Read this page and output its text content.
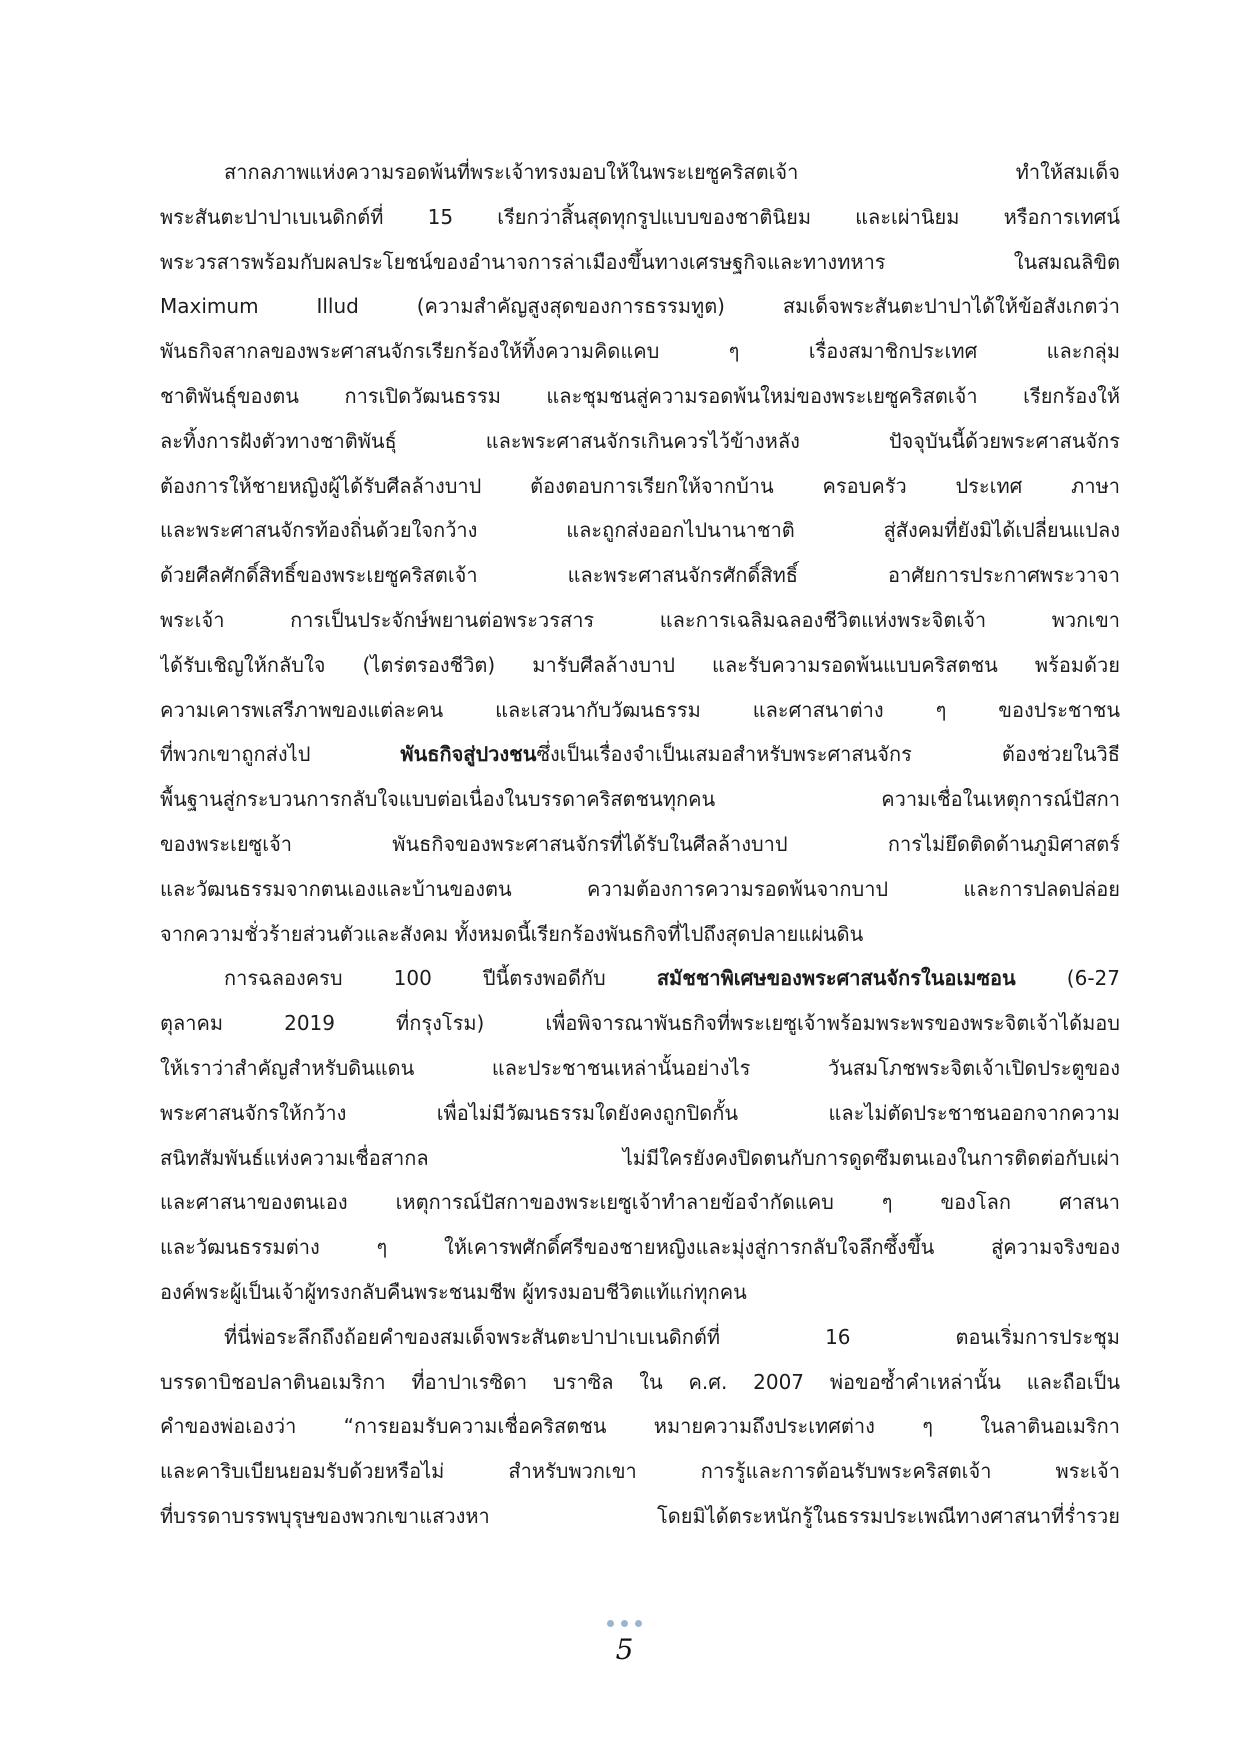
สากลภาพแห่งความรอดพ้นที่พระเจ้าทรงมอบให้ในพระเยซูคริสตเจ้า ทำให้สมเด็จ
พระสันตะปาปาเบเนดิกต์ที่ 15 เรียกว่าสิ้นสุดทุกรูปแบบของชาตินิยม และเผ่านิยม หรือการเทศน์
พระวรสารพร้อมกับผลประโยชน์ของอำนาจการล่าเมืองขึ้นทางเศรษฐกิจและทางทหาร ในสมณลิขิต
Maximum Illud (ความสำคัญสูงสุดของการธรรมทูต) สมเด็จพระสันตะปาปาได้ให้ข้อสังเกตว่า
พันธกิจสากลของพระศาสนจักรเรียกร้องให้ทิ้งความคิดแคบ ๆ เรื่องสมาชิกประเทศ และกลุ่ม
ชาติพันธุ์ของตน การเปิดวัฒนธรรม และชุมชนสู่ความรอดพ้นใหม่ของพระเยซูคริสตเจ้า เรียกร้องให้
ละทิ้งการฝังตัวทางชาติพันธุ์ และพระศาสนจักรเกินควรไว้ข้างหลัง ปัจจุบันนี้ด้วยพระศาสนจักร
ต้องการให้ชายหญิงผู้ได้รับศีลล้างบาป ต้องตอบการเรียกให้จากบ้าน ครอบครัว ประเทศ ภาษา
และพระศาสนจักรท้องถิ่นด้วยใจกว้าง และถูกส่งออกไปนานาชาติ สู่สังคมที่ยังมิได้เปลี่ยนแปลง
ด้วยศีลศักดิ์สิทธิ์ของพระเยซูคริสตเจ้า และพระศาสนจักรศักดิ์สิทธิ์ อาศัยการประกาศพระวาจา
พระเจ้า การเป็นประจักษ์พยานต่อพระวรสาร และการเฉลิมฉลองชีวิตแห่งพระจิตเจ้า พวกเขา
ได้รับเชิญให้กลับใจ (ไตร่ตรองชีวิต) มารับศีลล้างบาป และรับความรอดพ้นแบบคริสตชน พร้อมด้วย
ความเคารพเสรีภาพของแต่ละคน และเสวนากับวัฒนธรรม และศาสนาต่าง ๆ ของประชาชน
ที่พวกเขาถูกส่งไป พันธกิจสู่ปวงชนซึ่งเป็นเรื่องจำเป็นเสมอสำหรับพระศาสนจักร ต้องช่วยในวิธี
พื้นฐานสู่กระบวนการกลับใจแบบต่อเนื่องในบรรดาคริสตชนทุกคน ความเชื่อในเหตุการณ์ปัสกา
ของพระเยซูเจ้า พันธกิจของพระศาสนจักรที่ได้รับในศีลล้างบาป การไม่ยึดติดด้านภูมิศาสตร์
และวัฒนธรรมจากตนเองและบ้านของตน ความต้องการความรอดพ้นจากบาป และการปลดปล่อย
จากความชั่วร้ายส่วนตัวและสังคม ทั้งหมดนี้เรียกร้องพันธกิจที่ไปถึงสุดปลายแผ่นดิน
การฉลองครบ 100 ปีนี้ตรงพอดีกับ สมัชชาพิเศษของพระศาสนจักรในอเมซอน (6-27
ตุลาคม 2019 ที่กรุงโรม) เพื่อพิจารณาพันธกิจที่พระเยซูเจ้าพร้อมพระพรของพระจิตเจ้าได้มอบ
ให้เราว่าสำคัญสำหรับดินแดน และประชาชนเหล่านั้นอย่างไร วันสมโภชพระจิตเจ้าเปิดประตูของ
พระศาสนจักรให้กว้าง เพื่อไม่มีวัฒนธรรมใดยังคงถูกปิดกั้น และไม่ตัดประชาชนออกจากความ
สนิทสัมพันธ์แห่งความเชื่อสากล ไม่มีใครยังคงปิดตนกับการดูดซึมตนเองในการติดต่อกับเผ่า
และศาสนาของตนเอง เหตุการณ์ปัสกาของพระเยซูเจ้าทำลายข้อจำกัดแคบ ๆ ของโลก ศาสนา
และวัฒนธรรมต่าง ๆ ให้เคารพศักดิ์ศรีของชายหญิงและมุ่งสู่การกลับใจลึกซึ้งขึ้น สู่ความจริงของ
องค์พระผู้เป็นเจ้าผู้ทรงกลับคืนพระชนมชีพ ผู้ทรงมอบชีวิตแท้แก่ทุกคน
ที่นี่พ่อระลึกถึงถ้อยคำของสมเด็จพระสันตะปาปาเบเนดิกต์ที่ 16 ตอนเริ่มการประชุม
บรรดาบิชอปลาตินอเมริกา ที่อาปาเรซิดา บราซิล ใน ค.ศ. 2007 พ่อขอซ้ำคำเหล่านั้น และถือเป็น
คำของพ่อเองว่า “การยอมรับความเชื่อคริสตชน หมายความถึงประเทศต่าง ๆ ในลาตินอเมริกา
และคาริบเบียนยอมรับด้วยหรือไม่ สำหรับพวกเขา การรู้และการต้อนรับพระคริสตเจ้า พระเจ้า
ที่บรรดาบรรพบุรุษของพวกเขาแสวงหา โดยมิได้ตระหนักรู้ในธรรมประเพณีทางศาสนาที่ร่ำรวย
5
